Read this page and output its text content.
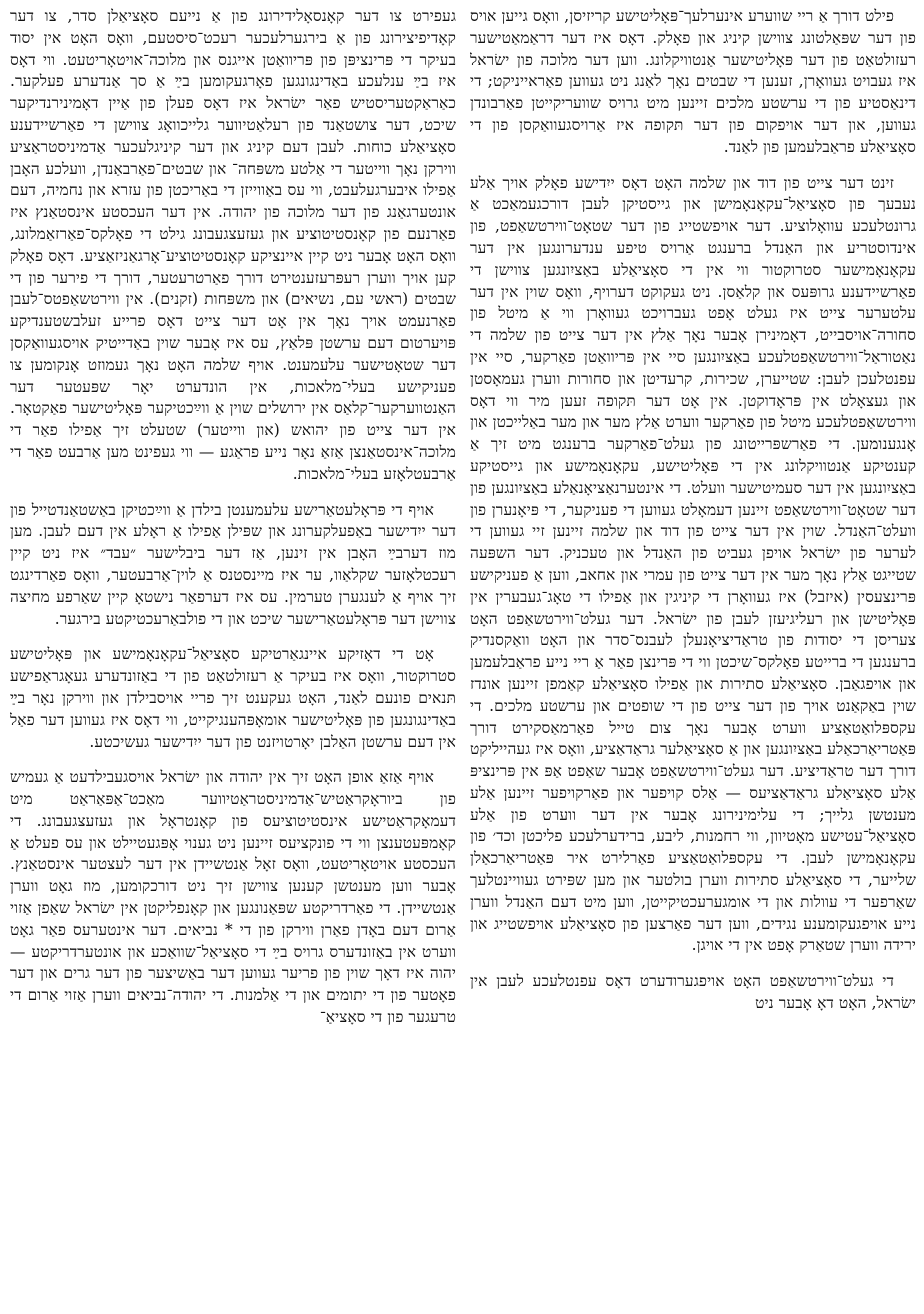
פילט דורך אַ ריי שווערע אינערלעך־פּאָליטישע קריזיסן, וואָס גייען אויס פון דער שפּאַלטונג צווישן קיניג און פאָלק. דאָס איז דער דראַמאַטישער רעזולטאַט פון דער פּאָליטישער אַנטוויקלונג. ווען דער מלוכה פון ישׂראל איז געבויט געוואָרן, זענען די שבטים נאָך לאַנג ניט געווען פאַראייניקט; די דינאַסטיע פון די ערשטע מלכים זיינען מיט גרויס שוועריקייטן פאַרבונדן געווען, און דער אויפקום פון דער תּקופה איז אַרויסגעוואַקסן פון די סאָציאַלע פראַבלעמען פון לאַנד.

זינט דער צייט פון דוד און שלמה האָט דאָס ייִדישע פאָלק אויך אַלע נעבעך פון סאָציאַל־עקאָנאָמישן און גייסטיקן לעבן דורכגעמאַכט אַ גרונטלעכע עוואָלוציע. דער אויפשטייג פון דער שטאָט־ווירטשאַפט, פון אינדוסטריע און האַנדל ברענגט אַרויס טיפע ענדערונגען אין דער עקאָנאָמישער סטרוקטור ווי אין די סאָציאַלע באַציִונגען צווישן די פאַרשיידענע גרופּעס און קלאַסן. ניט געקוקט דערויף, וואָס שוין אין דער עלטערער צייט איז געלט אָפט געברויכט געוואָרן ווי אַ מיטל פון סחורה־אויסבייט, דאָמינירן אָבער נאָך אַלץ אין דער צייט פון שלמה די נאַטוראַל־ווירטשאַפטלעכע באַציִונגען סיי אין פּריוואַטן פאַרקער, סיי אין עפנטלעכן לעבן: שטייערן, שכירות, קרעדיטן און סחורות ווערן געמאָסטן און געצאָלט אין פּראָדוקטן. אין אָט דער תּקופה זעען מיר ווי דאָס ווירטשאַפטלעכע מיטל פון פאַרקער ווערט אַלץ מער און מער באַלייכטן און אָנגענומען. די פאַרשפּרייטונג פון געלט־פאַרקער ברענגט מיט זיך אַ קענטיקע אַנטוויקלונג אין די פּאָליטישע, עקאָנאָמישע און גייסטיקע באַציִונגען אין דער סעמיטישער וועלט. די אינטערנאַציאָנאַלע באַציִונגען פון דער שטאָט־ווירטשאַפט זיינען דעמאָלט געווען די פעניקער, די פּיאָנערן פון וועלט־האַנדל. שוין אין דער צייט פון דוד און שלמה זיינען זיי געווען די לערער פון ישׂראל אויפן געביט פון האַנדל און טעכניק. דער השפּעה שטייגט אַלץ נאָך מער אין דער צייט פון עמרי און אחאב, ווען אַ פעניקישע פּרינצעסין (איזבל) איז געוואָרן די קיניגין און אַפילו די טאָג־געבערין אין פּאָליטישן און רעליגיעזן לעבן פון ישׂראל. דער געלט־ווירטשאַפט האָט צעריסן די יסודות פון טראַדיציאָנעלן לעבנס־סדר און האָט וואַקסנדיק ברענגען די ברייטע פאָלקס־שיכטן ווי די פּרינצן פאַר אַ ריי נייע פראַבלעמען און אויפגאַבן. סאָציאַלע סתירות און אַפילו סאָציאַלע קאַמפן זיינען אונדז שוין באַקאַנט אויך פון דער צייט פון די שופטים און ערשטע מלכים. די עקספּלואַטאַציע ווערט אָבער נאָך צום טייל פאַרמאַסקירט דורך פּאַטריאַרכאַלע באַציִונגען און אַ סאָציאַלער גראַדאַציע, וואָס איז געהייליקט דורך דער טראַדיציע. דער געלט־ווירטשאַפט אָבער שאַפט אַפּ אין פּרינציפּ אַלע סאָציאַלע גראַדאַציעס — אַלס קויפער און פאַרקויפער זיינען אַלע מענטשן גלייך; די עלימינירונג אָבער אין דער ווערט פון אַלע סאָציאַל־עטישע מאָטיוון, ווי רחמנות, ליבע, ברידערלעכע פליכטן וכד׳ פון עקאָנאָמישן לעבן. די עקספּלואַטאַציע פאַרלירט איר פּאַטריאַרכאַלן שלייער, די סאָציאַלע סתירות ווערן בולטער און מען שפּירט געוויינטלעך שאַרפער די עוולות און די אומגערעכטיקייטן, ווען מיט דעם האַנדל ווערן נייע אויפגעקומענע נגידים, ווען דער פאַרצען פון סאָציאַלע אויפשטייג און ירידה ווערן שטאַרק אָפט אין די אויגן.

די געלט־ווירטשאַפט האָט אויפגערודערט דאָס עפנטלעכע לעבן אין ישׂראל, האָט דאָ אָבער ניט

געפירט צו דער קאָנסאָלידירונג פון אַ נייעם סאָציאַלן סדר, צו דער קאָדיפיצירונג פון אַ בירגערלעכער רעכט־סיסטעם, וואָס האָט אין יסוד בעיקר די פּרינציפּן פון פּריוואַטן אייגנס און מלוכה־אויטאָריטעט. ווי דאָס איז בײַ ענלעכע באַדינגונגען פאָרגעקומען בײַ אַ סך אַנדערע פעלקער. כאַראַקטעריסטיש פאַר ישׂראל איז דאָס פעלן פון אַיין דאָמינירנדיקער שיכט, דער צושטאַנד פון רעלאַטיווער גלייכוואָג צווישן די פאַרשיידענע סאָציאַלע כוחות. לעבן דעם קיניג און דער קיניגלעכער אַדמיניסטראַציע ווירקן נאָך ווייטער די אַלטע משפּחה־ און שבטים־פאַרבאַנדן, וועלכע האָבן אַפילו איבערגעלעבט, ווי עס באַווייזן די באַריכטן פון עזרא און נחמיה, דעם אונטערגאַנג פון דער מלוכה פון יהודה. אין דער העכסטע אינסטאַנץ איז פאַרנעם פון קאָנסטיטוציע און געזעצגעבונג גילט די פאָלקס־פאַרזאַמלונג, וואָס האָט אָבער ניט קיין איינציקע קאָנסטיטוציע־אָרגאַניזאַציע. דאָס פאָלק קען אויך ווערן רעפּרעזענטירט דורך פאַרטרעטער, דורך די פירער פון די שבטים (ראשי עם, נשיאים) און משפּחות (זקנים). אין ווירטשאַפטס־לעבן פאַרנעמט אויך נאָך אין אָט דער צייט דאָס פרייע זעלבשטענדיקע פּויערטום דעם ערשטן פּלאַץ, עס איז אָבער שוין באַדייטיק אויסגעוואַקסן דער שטאָטישער עלעמענט. אויף שלמה האָט נאָך געמוזט אָנקומען צו פעניקישע בעלי־מלאכות, אין הונדערט יאָר שפּעטער דער האַנטווערקער־קלאַס אין ירושלים שוין אַ ווײַכטיקער פּאָליטישער פאַקטאָר. אין דער צייט פון יהואש (און ווייטער) שטעלט זיך אַפילו פאַר די מלוכה־אינסטאַנצן אַזאַ נאָר נייע פראַגע — ווי געפינט מען אַרבעט פאַר די אַרבעטלאָזע בעלי־מלאכות.

אויף די פּראָלעטאַרישע עלעמענטן בילדן אַ ווײַכטיקן באַשטאַנדטייל פון דער ייִדישער באַפעלקערונג און שפּילן אַפילו אַ ראָלע אין דעם לעבן. מען מוז דערבײַ האָבן אין זינען, אַז דער ביבלישער ״עבד״ איז ניט קיין רעכטלאָזער שקלאַוו, ער איז מיינסטנס אַ לוין־אַרבעטער, וואָס פאַרדינגט זיך אויף אַ לענגערן טערמין. עס איז דערפאַר נישטאָ קיין שאַרפע מחיצה צווישן דער פּראָלעטאַרישער שיכט און די פולבאַרעכטיקטע בירגער.

אָט די דאָזיקע איינגאַרטיקע סאָציאַל־עקאָנאָמישע און פּאָליטישע סטרוקטור, וואָס איז בעיקר אַ רעזולטאַט פון די באַזונדערע געאָגראַפישע תּנאים פונעם לאַנד, האָט געקענט זיך פריי אויסבילדן און ווירקן נאָר בײַ באַדינגונגען פון פּאָליטישער אומאָפּהענגיקייט, ווי דאָס איז געווען דער פאַל אין דעם ערשטן האַלבן יאָרטויזנט פון דער ייִדישער געשיכטע.

אויף אַזאַ אופן האָט זיך אין יהודה און ישׂראל אויסגעבילדעט אַ געמיש פון ביוראָקראַטיש־אַדמיניסטראַטיווער מאַכט־אַפּאַראַט מיט דעמאָקראַטישע אינסטיטוציעס פון קאָנטראָל און געזעצגעבונג. די קאָמפּעטענצן ווי די פונקציעס זיינען ניט גענוי אָפּגעטיילט און עס פעלט אַ העכסטע אויטאָריטעט, וואָס זאָל אַנטשיידן אין דער לעצטער אינסטאַנץ. אָבער ווען מענטשן קענען צווישן זיך ניט דורכקומען, מוז גאָט ווערן אַנטשיידן. די פאַרדריקטע שפּאַנונגען און קאָנפליקטן אין ישׂראל שאַפן אַזוי אַרום דעם באָדן פאַרן ווירקן פון די * נביאים. דער אינטערעס פאַר גאָט ווערט אין באַזונדערס גרויס בײַ די סאָציאַל־שוואַכע און אונטערדריקטע — יהוה איז דאָך שוין פון פריער געווען דער באַשיצער פון דער גרים און דער פאָטער פון די יתומים און די אַלמנות. די יהודה־נביאים ווערן אַזוי אַרום די טרעגער פון די סאָציאַ־
